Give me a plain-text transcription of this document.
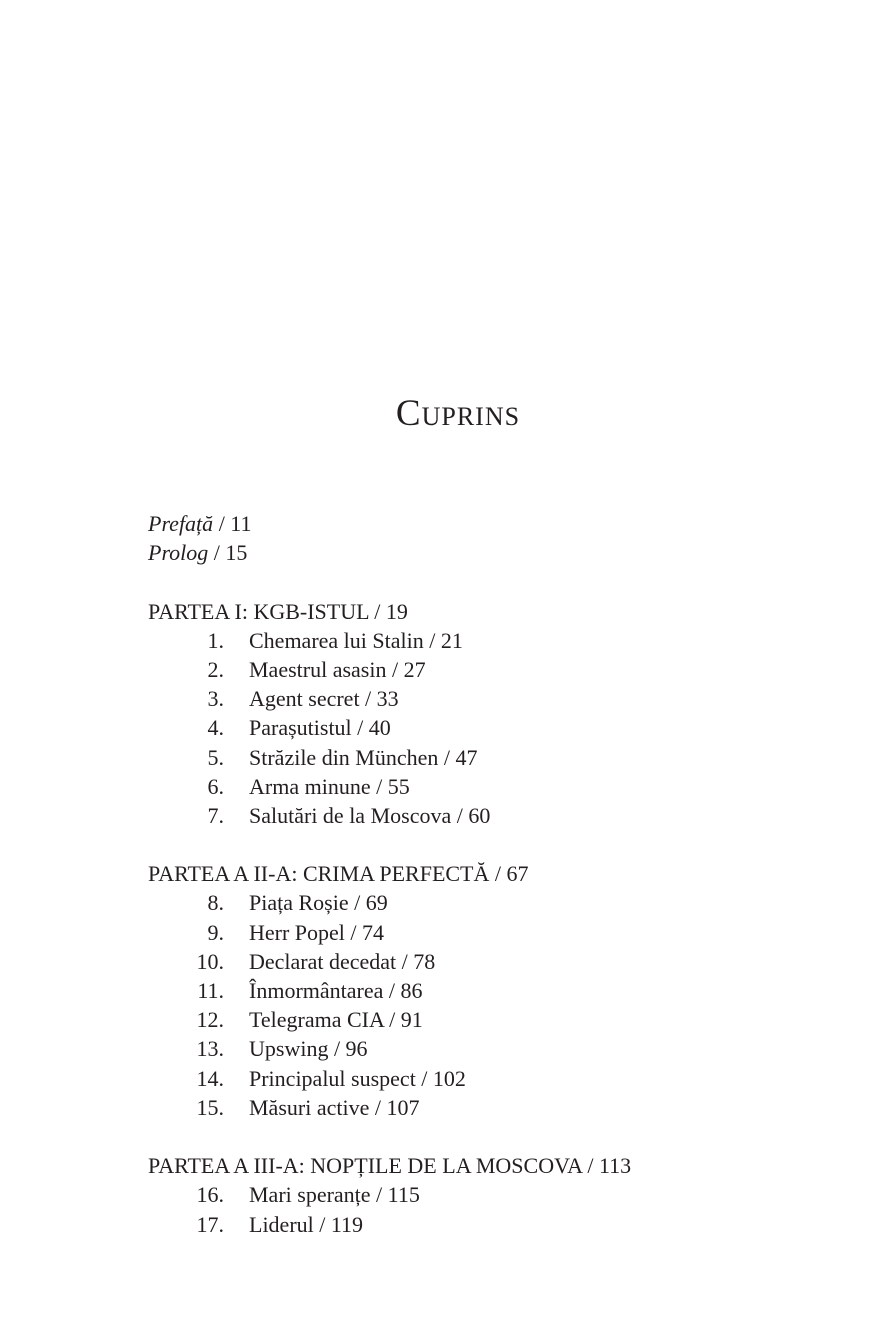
Cuprins
Prefață / 11
Prolog / 15
PARTEA I: KGB-ISTUL / 19
1. Chemarea lui Stalin / 21
2. Maestrul asasin / 27
3. Agent secret / 33
4. Parașutistul / 40
5. Străzile din München / 47
6. Arma minune / 55
7. Salutări de la Moscova / 60
PARTEA A II-A: CRIMA PERFECTĂ / 67
8. Piața Roșie / 69
9. Herr Popel / 74
10. Declarat decedat / 78
11. Înmormântarea / 86
12. Telegrama CIA / 91
13. Upswing / 96
14. Principalul suspect / 102
15. Măsuri active / 107
PARTEA A III-A: NOPȚILE DE LA MOSCOVA / 113
16. Mari speranțe / 115
17. Liderul / 119
